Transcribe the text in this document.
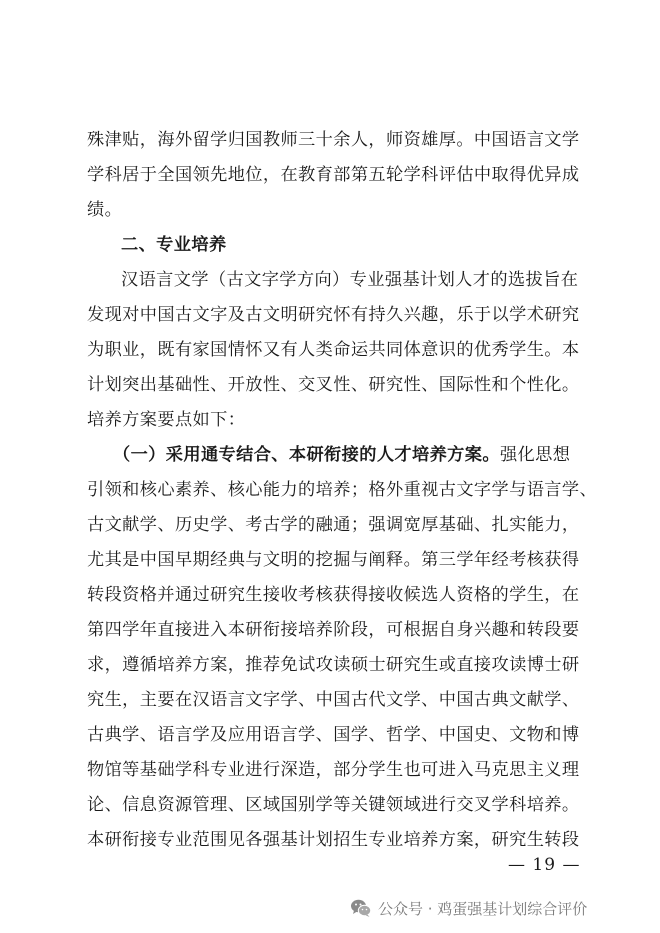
殊津贴，海外留学归国教师三十余人，师资雄厚。中国语言文学
学科居于全国领先地位，在教育部第五轮学科评估中取得优异成
绩。
二、专业培养
汉语言文学（古文字学方向）专业强基计划人才的选拔旨在
发现对中国古文字及古文明研究怀有持久兴趣，乐于以学术研究
为职业，既有家国情怀又有人类命运共同体意识的优秀学生。本
计划突出基础性、开放性、交叉性、研究性、国际性和个性化。
培养方案要点如下：
（一）采用通专结合、本研衔接的人才培养方案。强化思想
引领和核心素养、核心能力的培养；格外重视古文字学与语言学、
古文献学、历史学、考古学的融通；强调宽厚基础、扎实能力，
尤其是中国早期经典与文明的挖掘与阐释。第三学年经考核获得
转段资格并通过研究生接收考核获得接收候选人资格的学生，在
第四学年直接进入本研衔接培养阶段，可根据自身兴趣和转段要
求，遵循培养方案，推荐免试攻读硕士研究生或直接攻读博士研
究生，主要在汉语言文字学、中国古代文学、中国古典文献学、
古典学、语言学及应用语言学、国学、哲学、中国史、文物和博
物馆等基础学科专业进行深造，部分学生也可进入马克思主义理
论、信息资源管理、区域国别学等关键领域进行交叉学科培养。
本研衔接专业范围见各强基计划招生专业培养方案，研究生转段
— 19 —
公众号 · 鸡蛋强基计划综合评价
